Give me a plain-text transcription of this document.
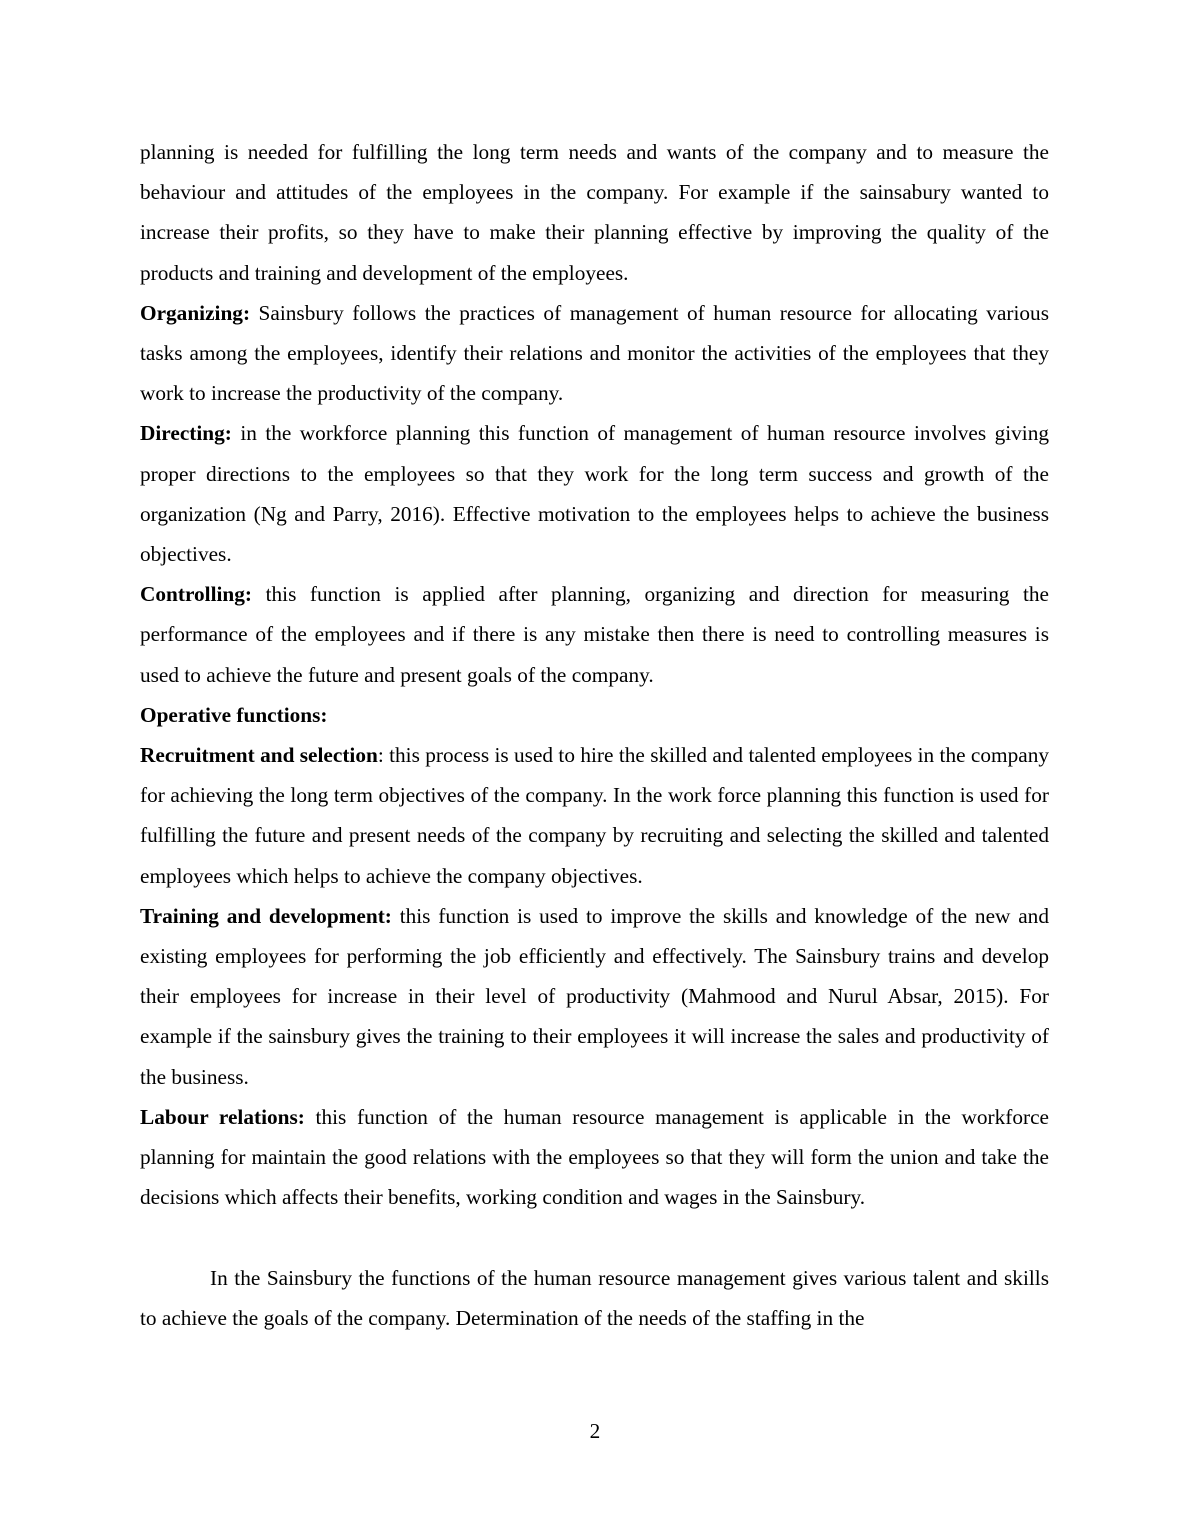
planning is needed for fulfilling the long term needs and wants of the company and to measure the behaviour and attitudes of the employees in the company. For example if the sainsabury wanted to increase their profits, so they have to make their planning effective by improving the quality of the products and training and development of the employees.

Organizing: Sainsbury follows the practices of management of human resource for allocating various tasks among the employees, identify their relations and monitor the activities of the employees that they work to increase the productivity of the company.

Directing: in the workforce planning this function of management of human resource involves giving proper directions to the employees so that they work for the long term success and growth of the organization (Ng and Parry, 2016). Effective motivation to the employees helps to achieve the business objectives.

Controlling: this function is applied after planning, organizing and direction for measuring the performance of the employees and if there is any mistake then there is need to controlling measures is used to achieve the future and present goals of the company.

Operative functions:

Recruitment and selection: this process is used to hire the skilled and talented employees in the company for achieving the long term objectives of the company. In the work force planning this function is used for fulfilling the future and present needs of the company by recruiting and selecting the skilled and talented employees which helps to achieve the company objectives.

Training and development: this function is used to improve the skills and knowledge of the new and existing employees for performing the job efficiently and effectively. The Sainsbury trains and develop their employees for increase in their level of productivity (Mahmood and Nurul Absar, 2015). For example if the sainsbury gives the training to their employees it will increase the sales and productivity of the business.

Labour relations: this function of the human resource management is applicable in the workforce planning for maintain the good relations with the employees so that they will form the union and take the decisions which affects their benefits, working condition and wages in the Sainsbury.

In the Sainsbury the functions of the human resource management gives various talent and skills to achieve the goals of the company. Determination of the needs of the staffing in the

2
